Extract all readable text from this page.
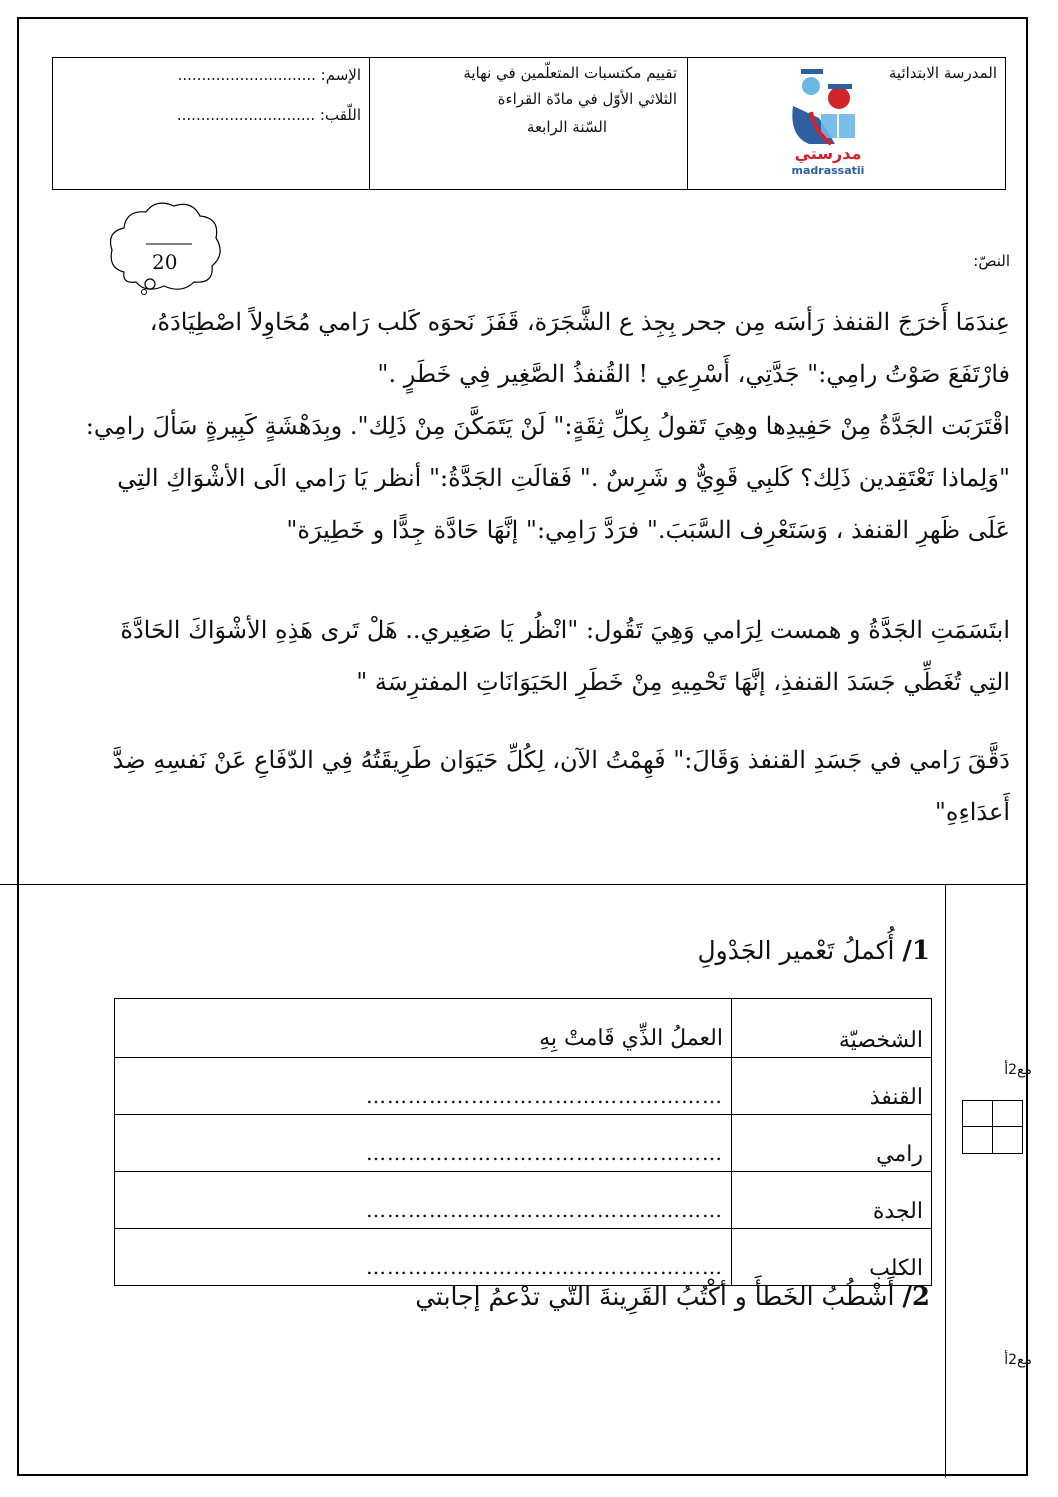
المدرسة الابتدائية
مدرستي
madrassatii
تقييم مكتسبات المتعلّمين في نهاية
الثلاثي الأوّل في مادّة القراءة
السّنة الرابعة
الإسم: .............................
اللّقب: .............................
20	النصّ:

عِندَمَا أَخرَجَ القنفذ رَأسَه مِن جحر بِجِذ ع الشَّجَرَة، قَفَزَ نَحوَه كَلب رَامي مُحَاوِلاً اصْطِيَادَهُ،

فارْتَفَعَ صَوْتُ رامِي:" جَدَّتِي، أَسْرِعِي ! القُنفذُ الصَّغِير فِي خَطَرٍ ."

اقْتَرَبَت الجَدَّةُ مِنْ حَفِيدِها وهِيَ تَقولُ بِكلِّ ثِقَةٍ:" لَنْ يَتَمَكَّنَ مِنْ ذَلِك". وبِدَهْشَةٍ كَبِيرةٍ سَألَ رامِي:

"وَلِماذا تَعْتَقِدين ذَلِك؟ كَلبِي قَوِيٌّ و شَرِسٌ ." فَقالَتِ الجَدَّةُ:" أنظر يَا رَامي الَى الأشْوَاكِ التِي

عَلَى ظَهرِ القنفذ ، وَسَتَعْرِف السَّبَبَ." فرَدَّ رَامِي:" إنَّهَا حَادَّة جِدًّا و خَطِيرَة"

ابتَسَمَتِ الجَدَّةُ و همست لِرَامي وَهِيَ تَقُول: "انْظُر يَا صَغِيري.. هَلْ تَرى هَذِهِ الأشْوَاكَ الحَادَّةَ

التِي تُغَطِّي جَسَدَ القنفذِ، إنَّهَا تَحْمِيهِ مِنْ خَطَرِ الحَيَوَانَاتِ المفترِسَة "

دَقَّقَ رَامي في جَسَدِ القنفذ وَقَالَ:" فَهِمْتُ الآن، لِكُلِّ حَيَوَان طَرِيقَتُهُ فِي الدّفَاعِ عَنْ نَفسِهِ ضِدَّ

أَعدَاءِهِ"

1/ أُكملُ تَعْمير الجَدْولِ
الشخصيّة	العملُ الذِّي قَامتْ بِهِ
القنفذ	……………………………………………
رامي	……………………………………………
الجدة	……………………………………………
الكلب	……………………………………………
مع2أ
2/ أَشْطُبُ الخَطأَ و أكْتُبُ القَرِينةَ التّي تدْعمُ إجابتي
مع2أ
